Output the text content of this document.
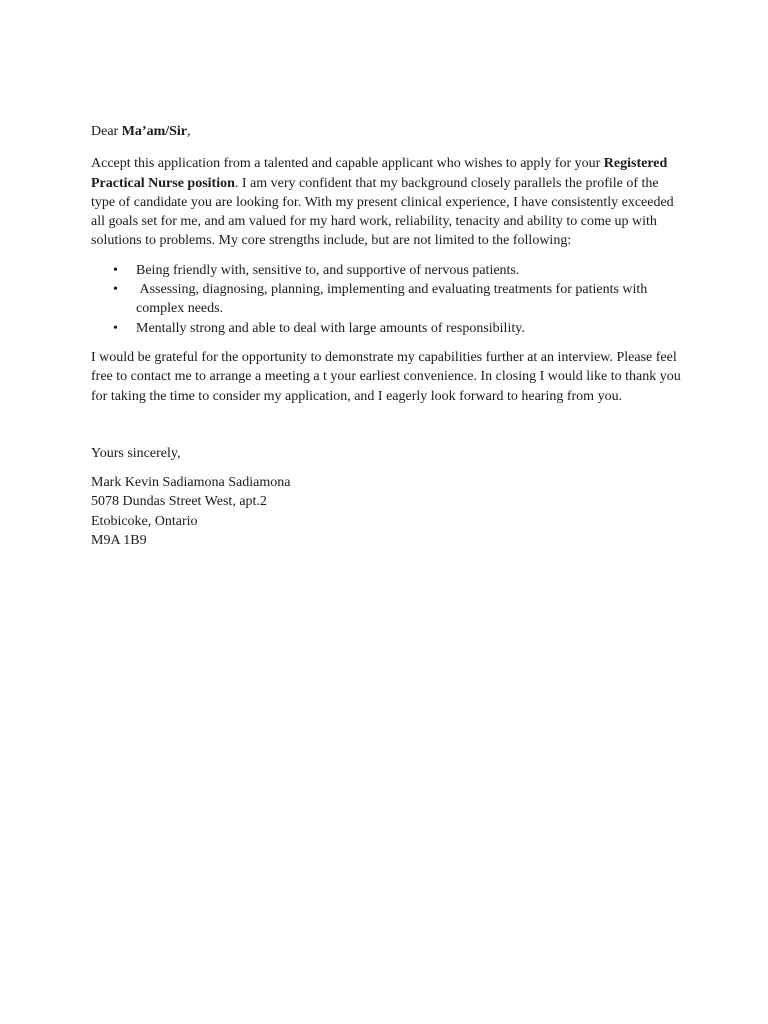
Dear Ma’am/Sir,

Accept this application from a talented and capable applicant who wishes to apply for your Registered Practical Nurse position. I am very confident that my background closely parallels the profile of the type of candidate you are looking for. With my present clinical experience, I have consistently exceeded all goals set for me, and am valued for my hard work, reliability, tenacity and ability to come up with solutions to problems. My core strengths include, but are not limited to the following:

• Being friendly with, sensitive to, and supportive of nervous patients.
• Assessing, diagnosing, planning, implementing and evaluating treatments for patients with complex needs.
• Mentally strong and able to deal with large amounts of responsibility.

I would be grateful for the opportunity to demonstrate my capabilities further at an interview. Please feel free to contact me to arrange a meeting a t your earliest convenience. In closing I would like to thank you for taking the time to consider my application, and I eagerly look forward to hearing from you.

Yours sincerely,

Mark Kevin Sadiamona Sadiamona
5078 Dundas Street West, apt.2
Etobicoke, Ontario
M9A 1B9
